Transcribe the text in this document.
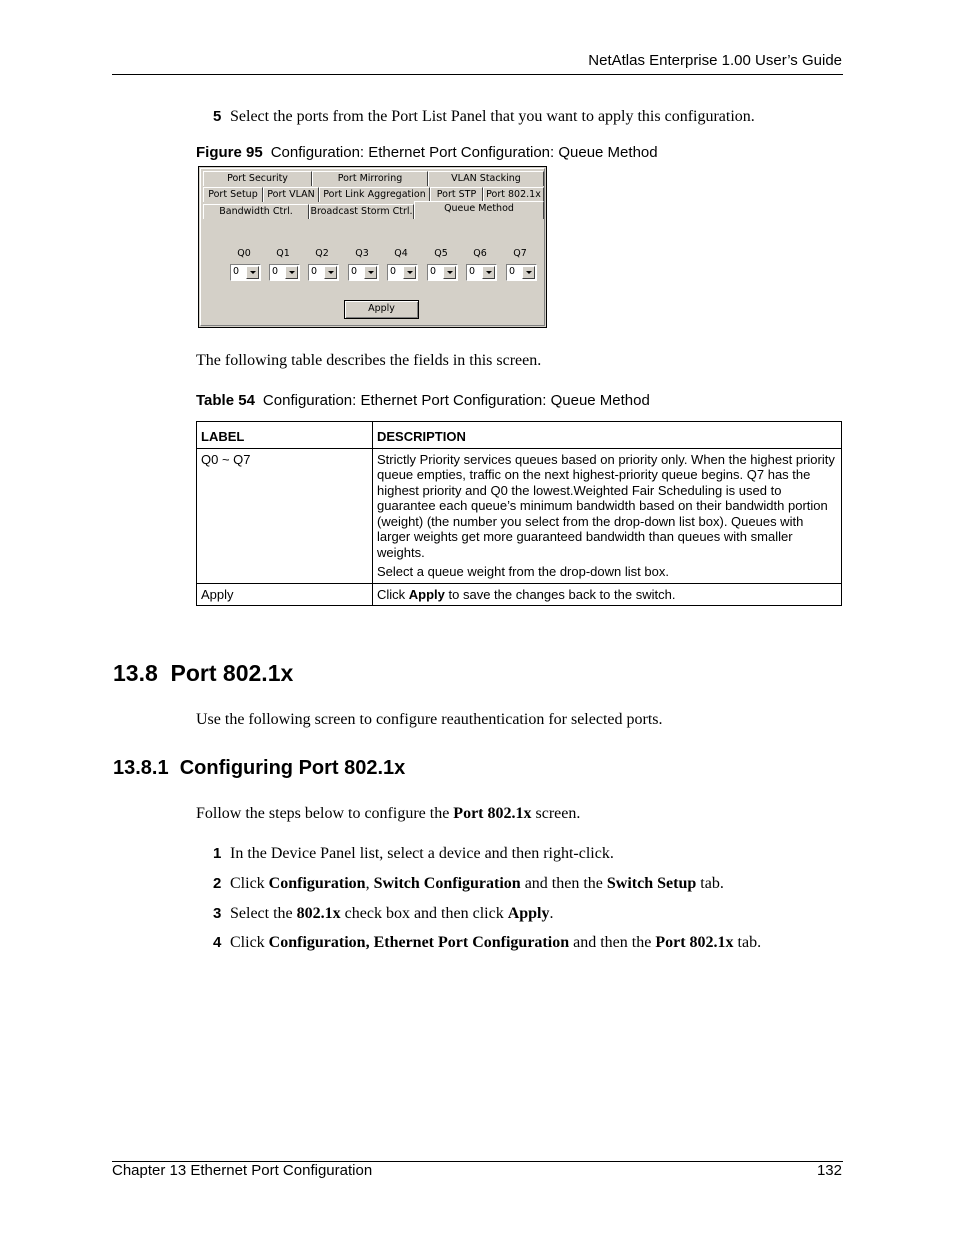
NetAtlas Enterprise 1.00 User’s Guide
5 Select the ports from the Port List Panel that you want to apply this configuration.
Figure 95 Configuration: Ethernet Port Configuration: Queue Method
Port Security	Port Mirroring	VLAN Stacking
Port Setup	Port VLAN Port Link Aggregation	Port STP	Port 802.1x
Bandwidth Ctrl.	Broadcast Storm Ctrl.	Queue Method
Q0	Q1	Q2	Q3	Q4	Q5	Q6	Q7
0	0	0	0	0	0	0	0
Apply
The following table describes the fields in this screen.
Table 54 Configuration: Ethernet Port Configuration: Queue Method
LABEL	DESCRIPTION
Q0 ~ Q7	Strictly Priority services queues based on priority only. When the highest priority queue empties, traffic on the next highest-priority queue begins. Q7 has the highest priority and Q0 the lowest.Weighted Fair Scheduling is used to guarantee each queue’s minimum bandwidth based on their bandwidth portion (weight) (the number you select from the drop-down list box). Queues with larger weights get more guaranteed bandwidth than queues with smaller weights.

Select a queue weight from the drop-down list box.

Apply	Click Apply to save the changes back to the switch.
13.8  Port 802.1x
Use the following screen to configure reauthentication for selected ports.
13.8.1  Configuring Port 802.1x
Follow the steps below to configure the Port 802.1x screen.
1 In the Device Panel list, select a device and then right-click.
2 Click Configuration, Switch Configuration and then the Switch Setup tab.
3 Select the 802.1x check box and then click Apply.
4 Click Configuration, Ethernet Port Configuration and then the Port 802.1x tab.
Chapter 13 Ethernet Port Configuration	132
